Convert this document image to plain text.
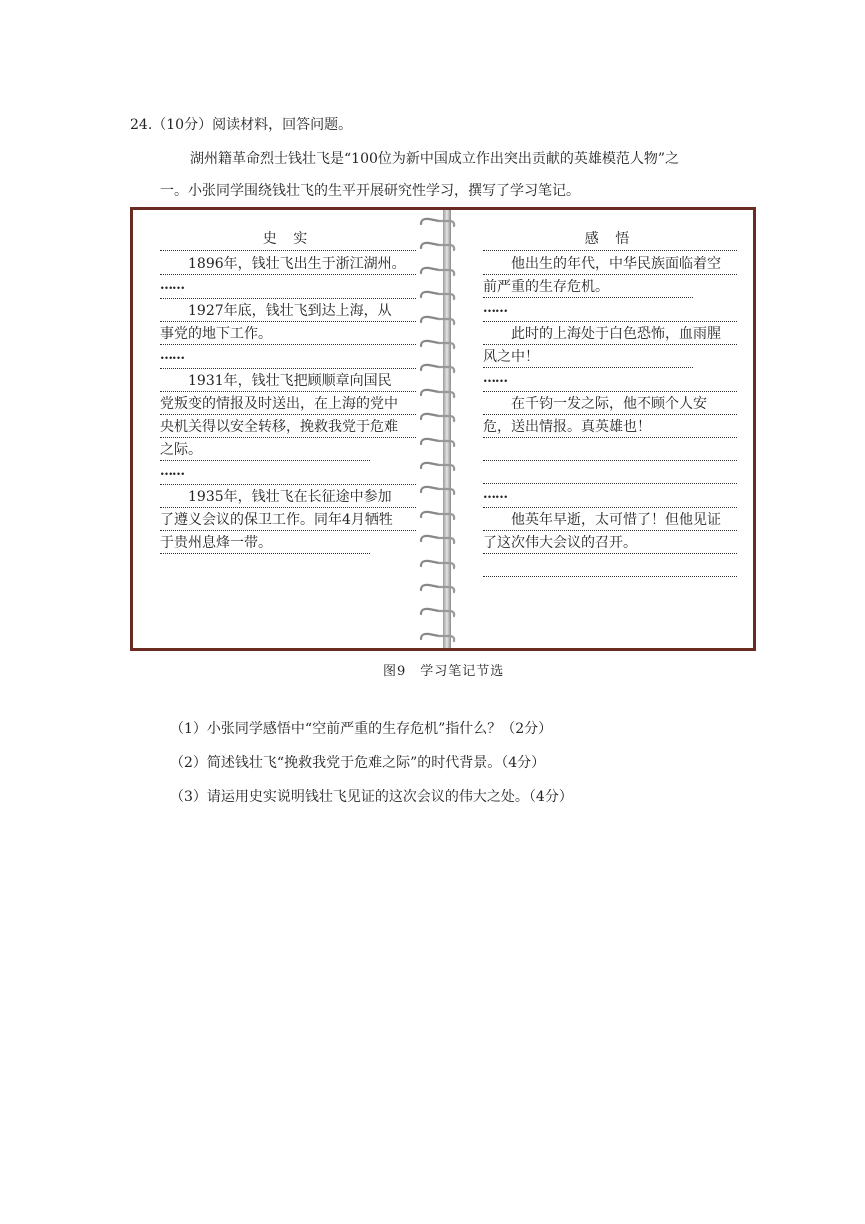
24.（10分）阅读材料，回答问题。
湖州籍革命烈士钱壮飞是“100位为新中国成立作出突出贡献的英雄模范人物”之
一。小张同学围绕钱壮飞的生平开展研究性学习，撰写了学习笔记。
史 实
1896年，钱壮飞出生于浙江湖州。
……
1927年底，钱壮飞到达上海，从
事党的地下工作。
……
1931年，钱壮飞把顾顺章向国民
党叛变的情报及时送出，在上海的党中
央机关得以安全转移，挽救我党于危难
之际。
……
1935年，钱壮飞在长征途中参加
了遵义会议的保卫工作。同年4月牺牲
于贵州息烽一带。
感 悟
他出生的年代，中华民族面临着空
前严重的生存危机。
……
此时的上海处于白色恐怖，血雨腥
风之中！
……
在千钧一发之际，他不顾个人安
危，送出情报。真英雄也！
……
他英年早逝，太可惜了！但他见证
了这次伟大会议的召开。
图9　学习笔记节选
（1）小张同学感悟中“空前严重的生存危机”指什么？（2分）
（2）简述钱壮飞“挽救我党于危难之际”的时代背景。（4分）
（3）请运用史实说明钱壮飞见证的这次会议的伟大之处。（4分）
